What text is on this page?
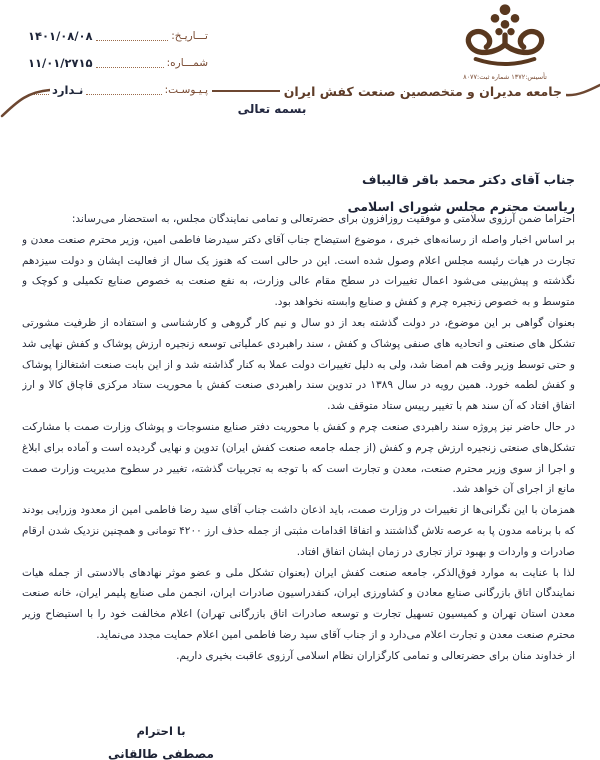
تـــاریـخ:
۱۴۰۱/۰۸/۰۸
شمـــاره:
۱۱/۰۱/۲۷۱۵
پـیـوسـت:
نـدارد
تأسیس:۱۳۷۲ شماره ثبت:۸۰۷۷
جامعه مدیران و متخصصین صنعت کفش ایران
بسمه تعالی
جناب آقای دکتر محمد باقر قالیباف
ریاست محترم مجلس شورای اسلامی

احتراما ضمن آرزوی سلامتی و موفقیت روزافزون برای حضرتعالی و تمامی نمایندگان مجلس، به استحضار می‌رساند:

بر اساس اخبار واصله از رسانه‌های خبری ، موضوع استیضاح جناب آقای دکتر سیدرضا فاطمی امین، وزیر محترم صنعت معدن و تجارت در هیات رئیسه مجلس اعلام وصول شده است. این در حالی است که هنوز یک سال از فعالیت ایشان و دولت سیزدهم نگذشته و پیش‌بینی می‌شود اعمال تغییرات در سطح مقام عالی وزارت، به نفع صنعت به خصوص صنایع تکمیلی و کوچک و متوسط و به خصوص زنجیره چرم و کفش و صنایع وابسته نخواهد بود.

بعنوان گواهی بر این موضوع، در دولت گذشته بعد از دو سال و نیم کار گروهی و کارشناسی و استفاده از ظرفیت مشورتی تشکل های صنعتی و اتحادیه های صنفی پوشاک و کفش ، سند راهبردی عملیاتی توسعه زنجیره ارزش پوشاک و کفش نهایی شد و حتی توسط وزیر وقت هم امضا شد، ولی به دلیل تغییرات دولت عملا به کنار گذاشته شد و از این بابت صنعت اشتغالزا پوشاک و کفش لطمه خورد. همین رویه در سال ۱۳۸۹ در تدوین سند راهبردی صنعت کفش با محوریت ستاد مرکزی قاچاق کالا و ارز اتفاق افتاد که آن سند هم با تغییر رییس ستاد متوقف شد.

در حال حاضر نیز پروژه سند راهبردی صنعت چرم و کفش با محوریت دفتر صنایع منسوجات و پوشاک وزارت صمت با مشارکت تشکل‌های صنعتی زنجیره ارزش چرم و کفش (از جمله جامعه صنعت کفش ایران) تدوین و نهایی گردیده است و آماده برای ابلاغ و اجرا از سوی وزیر محترم صنعت، معدن و تجارت است که با توجه به تجربیات گذشته، تغییر در سطوح مدیریت وزارت صمت مانع از اجرای آن خواهد شد.

همزمان با این نگرانی‌ها از تغییرات در وزارت صمت، باید اذعان داشت جناب آقای سید رضا فاطمی امین از معدود وزرایی بودند که با برنامه مدون پا به عرصه تلاش گذاشتند و اتفاقا اقدامات مثبتی از جمله حذف ارز ۴۲۰۰ تومانی و همچنین نزدیک شدن ارقام صادرات و واردات و بهبود تراز تجاری در زمان ایشان اتفاق افتاد.

لذا با عنایت به موارد فوق‌الذکر، جامعه صنعت کفش ایران (بعنوان تشکل ملی و عضو موثر نهادهای بالادستی از جمله هیات نمایندگان اتاق بازرگانی صنایع معادن و کشاورزی ایران، کنفدراسیون صادرات ایران، انجمن ملی صنایع پلیمر ایران، خانه صنعت معدن استان تهران و کمیسیون تسهیل تجارت و توسعه صادرات اتاق بازرگانی تهران) اعلام مخالفت خود را با استیضاح وزیر محترم صنعت معدن و تجارت اعلام می‌دارد و از جناب آقای سید رضا فاطمی امین اعلام حمایت مجدد می‌نماید.

از خداوند منان برای حضرتعالی و تمامی کارگزاران نظام اسلامی آرزوی عاقبت بخیری داریم.

با احترام
مصطفی طالقانی
